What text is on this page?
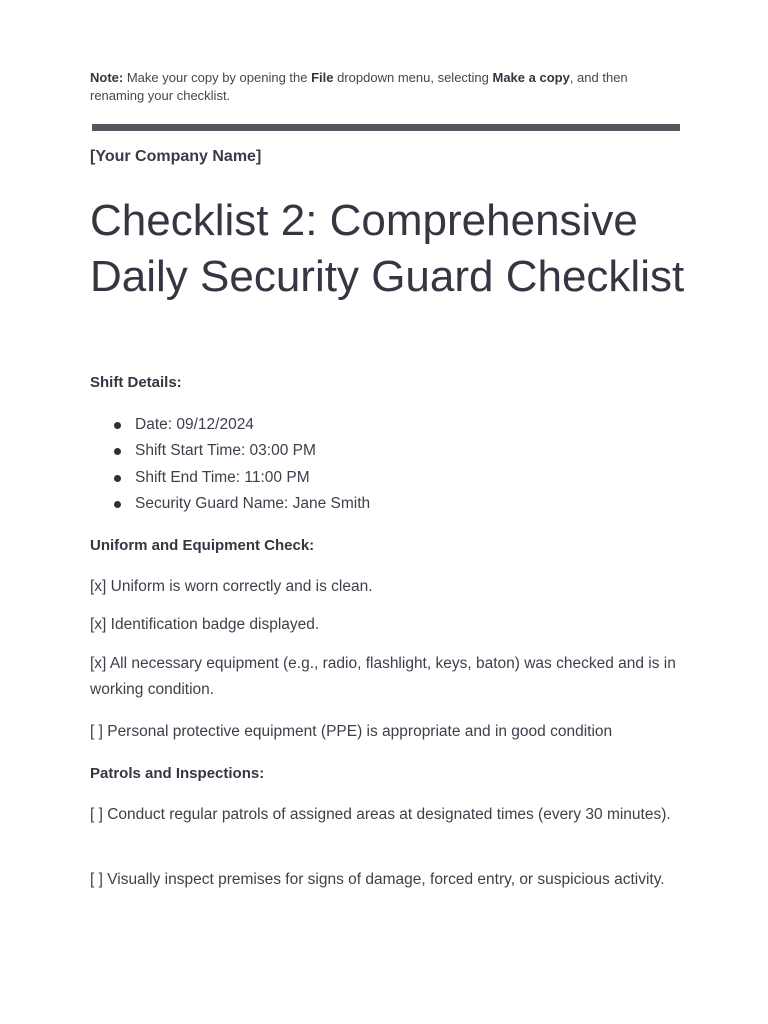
Note: Make your copy by opening the File dropdown menu, selecting Make a copy, and then renaming your checklist.
[Your Company Name]
Checklist 2: Comprehensive Daily Security Guard Checklist
Shift Details:
Date: 09/12/2024
Shift Start Time: 03:00 PM
Shift End Time: 11:00 PM
Security Guard Name: Jane Smith
Uniform and Equipment Check:
[x] Uniform is worn correctly and is clean.
[x] Identification badge displayed.
[x] All necessary equipment (e.g., radio, flashlight, keys, baton) was checked and is in working condition.
[ ] Personal protective equipment (PPE) is appropriate and in good condition
Patrols and Inspections:
[ ] Conduct regular patrols of assigned areas at designated times (every 30 minutes).
[ ] Visually inspect premises for signs of damage, forced entry, or suspicious activity.
